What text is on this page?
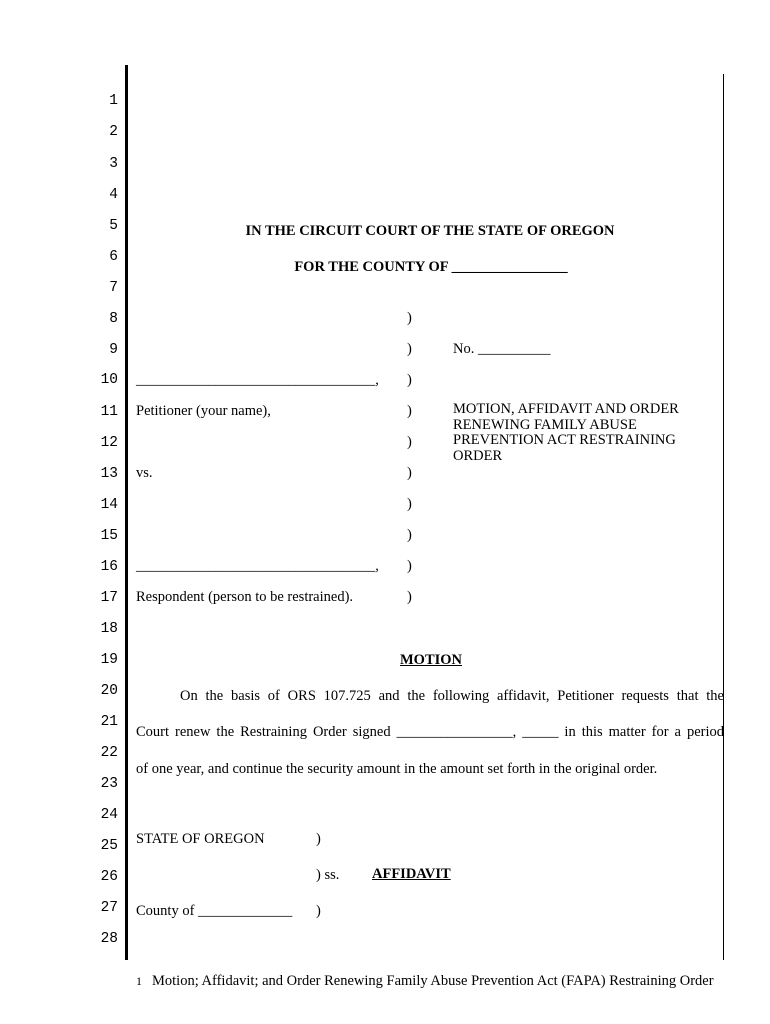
1
2
3
4
5
6
7
8
9
10
11
12
13
14
15
16
17
18
19
20
21
22
23
24
25
26
27
28
IN THE CIRCUIT COURT OF THE STATE OF OREGON
FOR THE COUNTY OF ________________
)
)
)
)
)
)
)
)
)
)
No. __________
_________________________________,
Petitioner (your name),	MOTION, AFFIDAVIT AND ORDER RENEWING FAMILY ABUSE PREVENTION ACT RESTRAINING ORDER
vs.
_________________________________,
Respondent (person to be restrained).
MOTION
On the basis of ORS 107.725 and the following affidavit, Petitioner requests that the
Court renew the Restraining Order signed ________________, _____ in this matter for a period
of one year, and continue the security amount in the amount set forth in the original order.
STATE OF OREGON	)
) ss. AFFIDAVIT
County of _____________ )
1 Motion; Affidavit; and Order Renewing Family Abuse Prevention Act (FAPA) Restraining Order
